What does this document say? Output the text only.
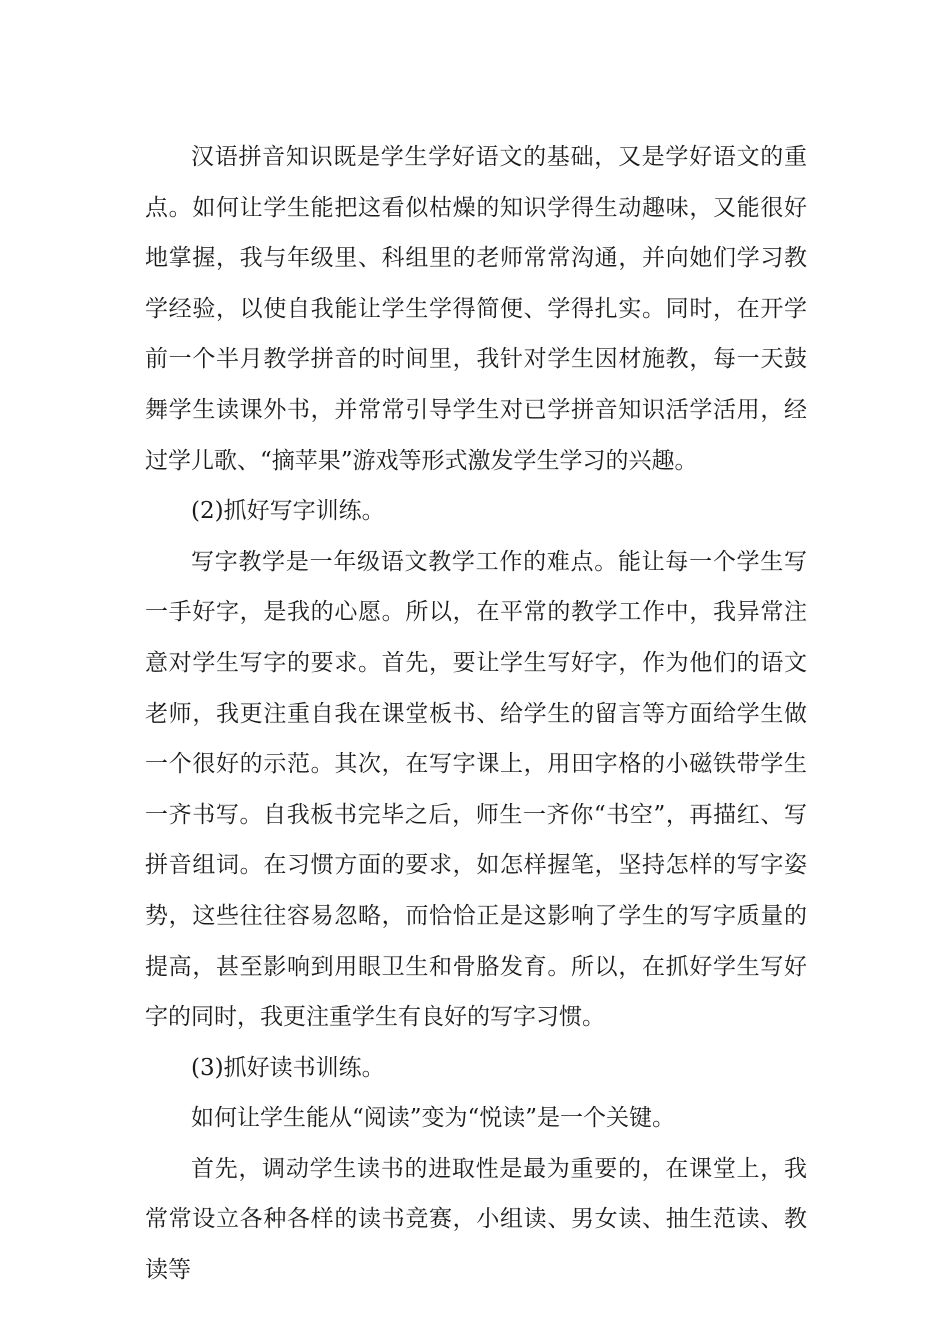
汉语拼音知识既是学生学好语文的基础，又是学好语文的重点。如何让学生能把这看似枯燥的知识学得生动趣味，又能很好地掌握，我与年级里、科组里的老师常常沟通，并向她们学习教学经验，以使自我能让学生学得简便、学得扎实。同时，在开学前一个半月教学拼音的时间里，我针对学生因材施教，每一天鼓舞学生读课外书，并常常引导学生对已学拼音知识活学活用，经过学儿歌、“摘苹果”游戏等形式激发学生学习的兴趣。

(2)抓好写字训练。

写字教学是一年级语文教学工作的难点。能让每一个学生写一手好字，是我的心愿。所以，在平常的教学工作中，我异常注意对学生写字的要求。首先，要让学生写好字，作为他们的语文老师，我更注重自我在课堂板书、给学生的留言等方面给学生做一个很好的示范。其次，在写字课上，用田字格的小磁铁带学生一齐书写。自我板书完毕之后，师生一齐你“书空”，再描红、写拼音组词。在习惯方面的要求，如怎样握笔，坚持怎样的写字姿势，这些往往容易忽略，而恰恰正是这影响了学生的写字质量的提高，甚至影响到用眼卫生和骨胳发育。所以，在抓好学生写好字的同时，我更注重学生有良好的写字习惯。

(3)抓好读书训练。

如何让学生能从“阅读”变为“悦读”是一个关键。

首先，调动学生读书的进取性是最为重要的，在课堂上，我常常设立各种各样的读书竞赛，小组读、男女读、抽生范读、教读等
